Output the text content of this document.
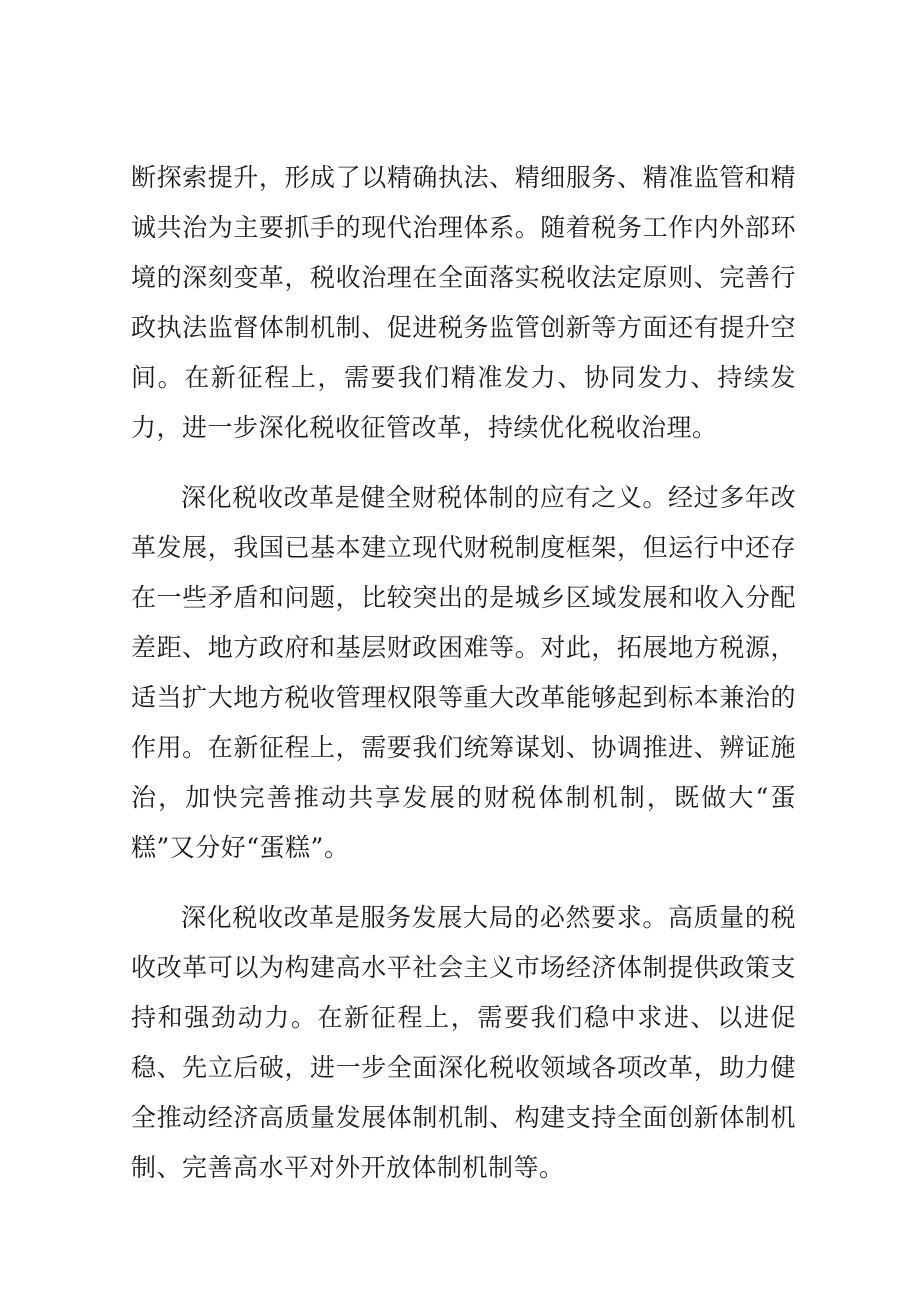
断探索提升，形成了以精确执法、精细服务、精准监管和精诚共治为主要抓手的现代治理体系。随着税务工作内外部环境的深刻变革，税收治理在全面落实税收法定原则、完善行政执法监督体制机制、促进税务监管创新等方面还有提升空间。在新征程上，需要我们精准发力、协同发力、持续发力，进一步深化税收征管改革，持续优化税收治理。

深化税收改革是健全财税体制的应有之义。经过多年改革发展，我国已基本建立现代财税制度框架，但运行中还存在一些矛盾和问题，比较突出的是城乡区域发展和收入分配差距、地方政府和基层财政困难等。对此，拓展地方税源，适当扩大地方税收管理权限等重大改革能够起到标本兼治的作用。在新征程上，需要我们统筹谋划、协调推进、辨证施治，加快完善推动共享发展的财税体制机制，既做大“蛋糕”又分好“蛋糕”。

深化税收改革是服务发展大局的必然要求。高质量的税收改革可以为构建高水平社会主义市场经济体制提供政策支持和强劲动力。在新征程上，需要我们稳中求进、以进促稳、先立后破，进一步全面深化税收领域各项改革，助力健全推动经济高质量发展体制机制、构建支持全面创新体制机制、完善高水平对外开放体制机制等。
